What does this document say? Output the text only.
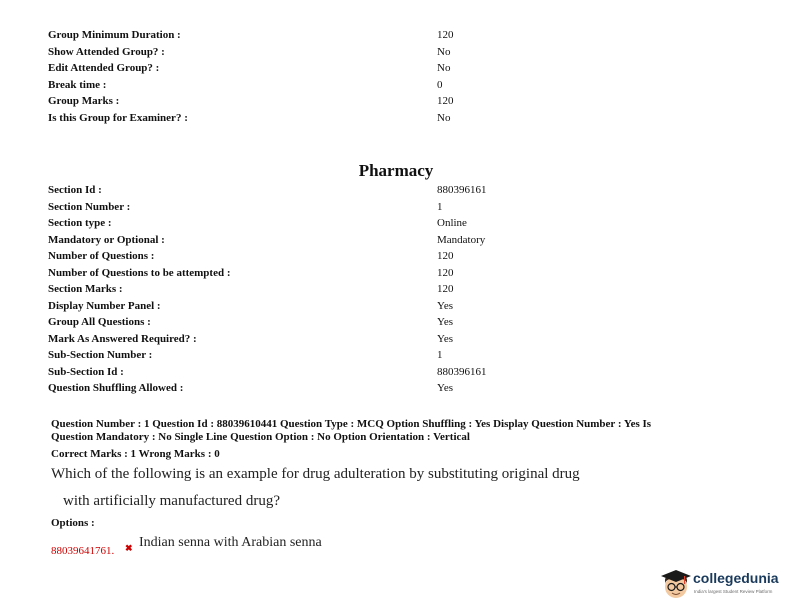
Group Minimum Duration :	120
Show Attended Group? :	No
Edit Attended Group? :	No
Break time :	0
Group Marks :	120
Is this Group for Examiner? :	No
Pharmacy
Section Id :	880396161
Section Number :	1
Section type :	Online
Mandatory or Optional :	Mandatory
Number of Questions :	120
Number of Questions to be attempted :	120
Section Marks :	120
Display Number Panel :	Yes
Group All Questions :	Yes
Mark As Answered Required? :	Yes
Sub-Section Number :	1
Sub-Section Id :	880396161
Question Shuffling Allowed :	Yes
Question Number : 1 Question Id : 88039610441 Question Type : MCQ Option Shuffling : Yes Display Question Number : Yes Is
Question Mandatory : No Single Line Question Option : No Option Orientation : Vertical
Correct Marks : 1 Wrong Marks : 0
Which of the following is an example for drug adulteration by substituting original drug
with artificially manufactured drug?
Options :
88039641761. ✖ Indian senna with Arabian senna
collegedunia
India's largest Student Review Platform
